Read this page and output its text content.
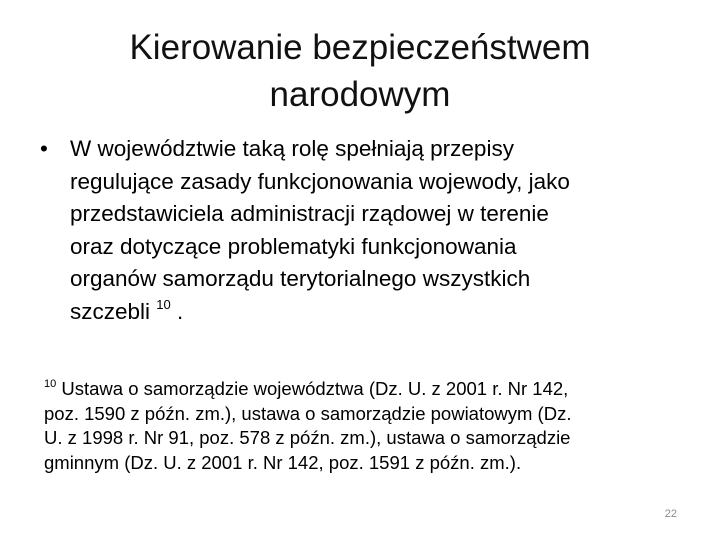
Kierowanie bezpieczeństwem
narodowym
• W województwie taką rolę spełniają przepisy
regulujące zasady funkcjonowania wojewody, jako
przedstawiciela administracji rządowej w terenie
oraz dotyczące problematyki funkcjonowania
organów samorządu terytorialnego wszystkich
szczebli $^{10}$ .
$^{10}$ Ustawa o samorządzie województwa (Dz. U. z 2001 r. Nr 142,
poz. 1590 z późn. zm.), ustawa o samorządzie powiatowym (Dz.
U. z 1998 r. Nr 91, poz. 578 z późn. zm.), ustawa o samorządzie
gminnym (Dz. U. z 2001 r. Nr 142, poz. 1591 z późn. zm.).
22
